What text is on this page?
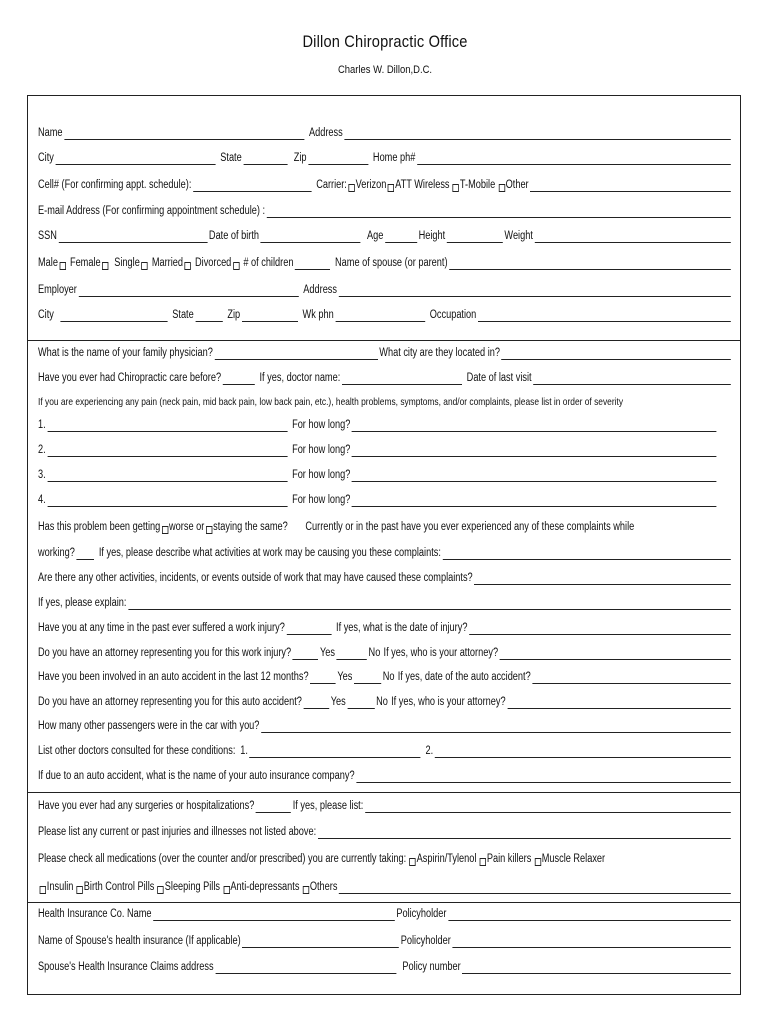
Dillon Chiropractic Office
Charles W. Dillon,D.C.
Name	Address
City	State	Zip	Home ph#
Cell# (For confirming appt. schedule):	Carrier: Verizon ATT Wireless T-Mobile Other
E-mail Address (For confirming appointment schedule) :
SSN	Date of birth	Age	Height	Weight
Male Female Single Married Divorced # of children	Name of spouse (or parent)
Employer	Address
City	State	Zip	Wk phn	Occupation
What is the name of your family physician?	What city are they located in?
Have you ever had Chiropractic care before?	If yes, doctor name:	Date of last visit
If you are experiencing any pain (neck pain, mid back pain, low back pain, etc.), health problems, symptoms, and/or complaints, please list in order of severity
1.	For how long?
2.	For how long?
3.	For how long?
4.	For how long?
Has this problem been getting worse or staying the same? Currently or in the past have you ever experienced any of these complaints while
working? If yes, please describe what activities at work may be causing you these complaints:
Are there any other activities, incidents, or events outside of work that may have caused these complaints?
If yes, please explain:
Have you at any time in the past ever suffered a work injury?	If yes, what is the date of injury?
Do you have an attorney representing you for this work injury?	Yes	No If yes, who is your attorney?
Have you been involved in an auto accident in the last 12 months?	Yes	No If yes, date of the auto accident?
Do you have an attorney representing you for this auto accident?	Yes	No If yes, who is your attorney?
How many other passengers were in the car with you?
List other doctors consulted for these conditions: 1.	2.
If due to an auto accident, what is the name of your auto insurance company?
Have you ever had any surgeries or hospitalizations?	If yes, please list:
Please list any current or past injuries and illnesses not listed above:
Please check all medications (over the counter and/or prescribed) you are currently taking: Aspirin/Tylenol Pain killers Muscle Relaxer
Insulin Birth Control Pills Sleeping Pills Anti-depressants Others
Health Insurance Co. Name	Policyholder
Name of Spouse's health insurance (If applicable)	Policyholder
Spouse's Health Insurance Claims address	Policy number
